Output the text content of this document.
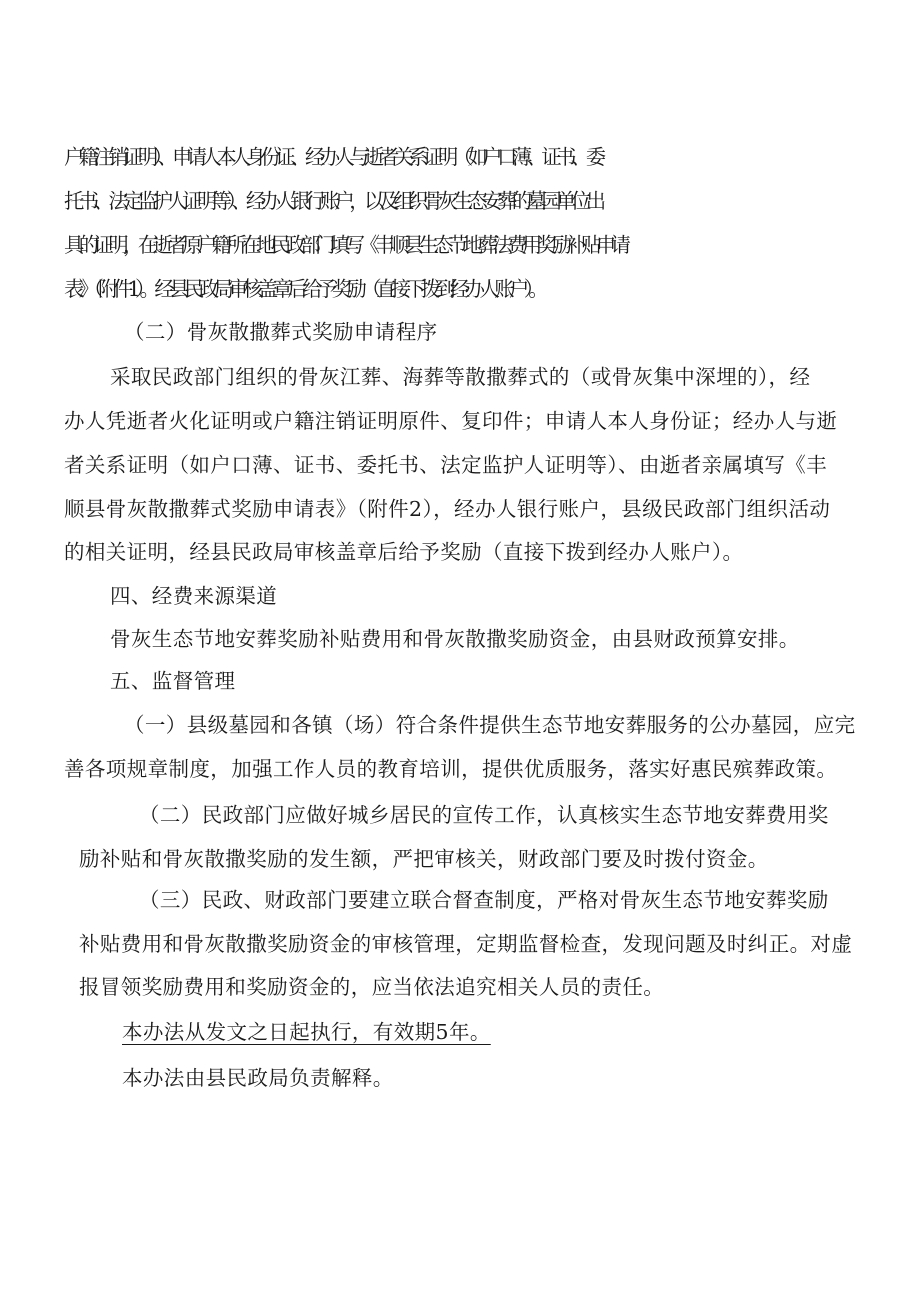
户籍注销证明）、申请人本人身份证、经办人与逝者关系证明（如户口薄、证书、委
托书、法定监护人证明等）、经办人银行账户，以及组织骨灰生态安葬的墓园单位出
具的证明，在逝者原户籍所在地民政部门填写《丰顺县生态节地葬法费用奖励补贴申请
表》（附件1）。经县民政局审核盖章后给予奖励（直接下拨到经办人账户）。
（二）骨灰散撒葬式奖励申请程序
采取民政部门组织的骨灰江葬、海葬等散撒葬式的（或骨灰集中深埋的），经
办人凭逝者火化证明或户籍注销证明原件、复印件；申请人本人身份证；经办人与逝
者关系证明（如户口薄、证书、委托书、法定监护人证明等）、由逝者亲属填写《丰
顺县骨灰散撒葬式奖励申请表》（附件2），经办人银行账户，县级民政部门组织活动
的相关证明，经县民政局审核盖章后给予奖励（直接下拨到经办人账户）。
四、经费来源渠道
骨灰生态节地安葬奖励补贴费用和骨灰散撒奖励资金，由县财政预算安排。
五、监督管理
（一）县级墓园和各镇（场）符合条件提供生态节地安葬服务的公办墓园，应完
善各项规章制度，加强工作人员的教育培训，提供优质服务，落实好惠民殡葬政策。
（二）民政部门应做好城乡居民的宣传工作，认真核实生态节地安葬费用奖
励补贴和骨灰散撒奖励的发生额，严把审核关，财政部门要及时拨付资金。
（三）民政、财政部门要建立联合督查制度，严格对骨灰生态节地安葬奖励
补贴费用和骨灰散撒奖励资金的审核管理，定期监督检查，发现问题及时纠正。对虚
报冒领奖励费用和奖励资金的，应当依法追究相关人员的责任。
本办法从发文之日起执行，有效期5年。
本办法由县民政局负责解释。
